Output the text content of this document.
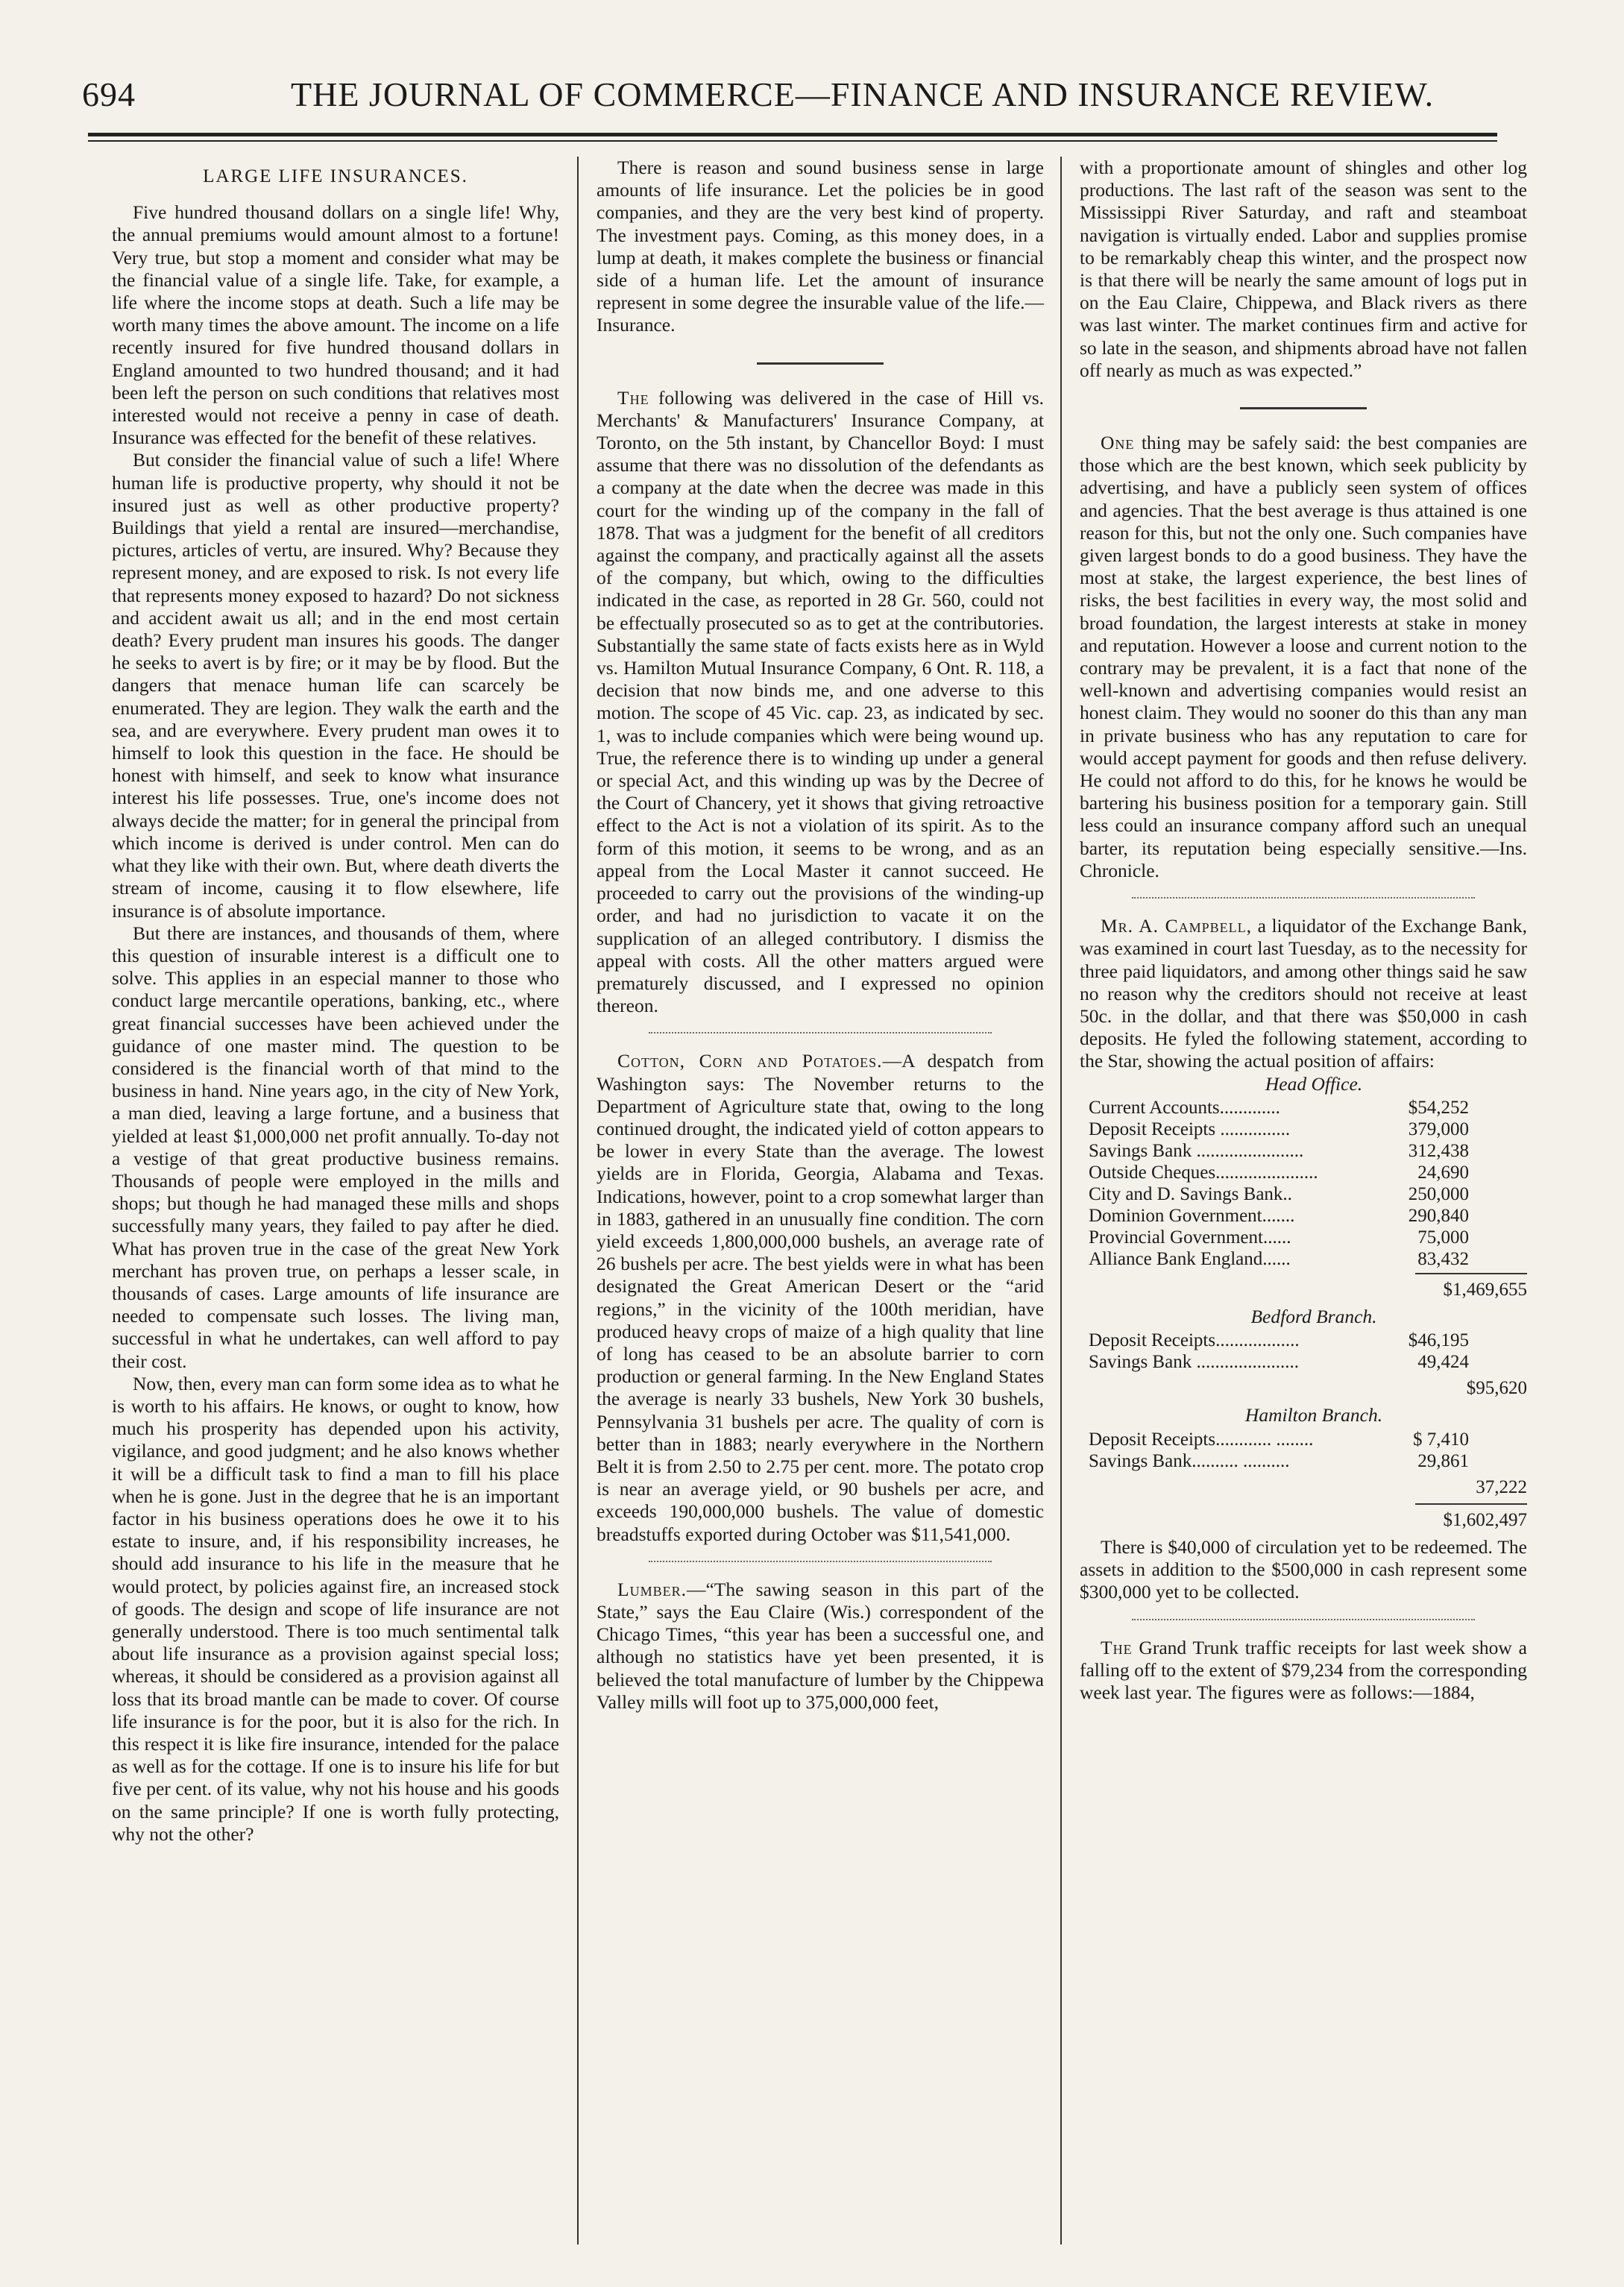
694	THE JOURNAL OF COMMERCE—FINANCE AND INSURANCE REVIEW.

LARGE LIFE INSURANCES.

Five hundred thousand dollars on a single life! Why, the annual premiums would amount almost to a fortune! Very true, but stop a moment and consider what may be the financial value of a single life. Take, for example, a life where the income stops at death. Such a life may be worth many times the above amount. The income on a life recently insured for five hundred thousand dollars in England amounted to two hundred thousand; and it had been left the person on such conditions that relatives most interested would not receive a penny in case of death. Insurance was effected for the benefit of these relatives.

But consider the financial value of such a life! Where human life is productive property, why should it not be insured just as well as other productive property? Buildings that yield a rental are insured—merchandise, pictures, articles of vertu, are insured. Why? Because they represent money, and are exposed to risk. Is not every life that represents money exposed to hazard? Do not sickness and accident await us all; and in the end most certain death? Every prudent man insures his goods. The danger he seeks to avert is by fire; or it may be by flood. But the dangers that menace human life can scarcely be enumerated. They are legion. They walk the earth and the sea, and are everywhere. Every prudent man owes it to himself to look this question in the face. He should be honest with himself, and seek to know what insurance interest his life possesses. True, one's income does not always decide the matter; for in general the principal from which income is derived is under control. Men can do what they like with their own. But, where death diverts the stream of income, causing it to flow elsewhere, life insurance is of absolute importance.

But there are instances, and thousands of them, where this question of insurable interest is a difficult one to solve. This applies in an especial manner to those who conduct large mercantile operations, banking, etc., where great financial successes have been achieved under the guidance of one master mind. The question to be considered is the financial worth of that mind to the business in hand. Nine years ago, in the city of New York, a man died, leaving a large fortune, and a business that yielded at least $1,000,000 net profit annually. To-day not a vestige of that great productive business remains. Thousands of people were employed in the mills and shops; but though he had managed these mills and shops successfully many years, they failed to pay after he died. What has proven true in the case of the great New York merchant has proven true, on perhaps a lesser scale, in thousands of cases. Large amounts of life insurance are needed to compensate such losses. The living man, successful in what he undertakes, can well afford to pay their cost.

Now, then, every man can form some idea as to what he is worth to his affairs. He knows, or ought to know, how much his prosperity has depended upon his activity, vigilance, and good judgment; and he also knows whether it will be a difficult task to find a man to fill his place when he is gone. Just in the degree that he is an important factor in his business operations does he owe it to his estate to insure, and, if his responsibility increases, he should add insurance to his life in the measure that he would protect, by policies against fire, an increased stock of goods. The design and scope of life insurance are not generally understood. There is too much sentimental talk about life insurance as a provision against special loss; whereas, it should be considered as a provision against all loss that its broad mantle can be made to cover. Of course life insurance is for the poor, but it is also for the rich. In this respect it is like fire insurance, intended for the palace as well as for the cottage. If one is to insure his life for but five per cent. of its value, why not his house and his goods on the same principle? If one is worth fully protecting, why not the other?

There is reason and sound business sense in large amounts of life insurance. Let the policies be in good companies, and they are the very best kind of property. The investment pays. Coming, as this money does, in a lump at death, it makes complete the business or financial side of a human life. Let the amount of insurance represent in some degree the insurable value of the life.—Insurance.

The following was delivered in the case of Hill vs. Merchants' & Manufacturers' Insurance Company, at Toronto, on the 5th instant, by Chancellor Boyd: I must assume that there was no dissolution of the defendants as a company at the date when the decree was made in this court for the winding up of the company in the fall of 1878. That was a judgment for the benefit of all creditors against the company, and practically against all the assets of the company, but which, owing to the difficulties indicated in the case, as reported in 28 Gr. 560, could not be effectually prosecuted so as to get at the contributories. Substantially the same state of facts exists here as in Wyld vs. Hamilton Mutual Insurance Company, 6 Ont. R. 118, a decision that now binds me, and one adverse to this motion. The scope of 45 Vic. cap. 23, as indicated by sec. 1, was to include companies which were being wound up. True, the reference there is to winding up under a general or special Act, and this winding up was by the Decree of the Court of Chancery, yet it shows that giving retroactive effect to the Act is not a violation of its spirit. As to the form of this motion, it seems to be wrong, and as an appeal from the Local Master it cannot succeed. He proceeded to carry out the provisions of the winding-up order, and had no jurisdiction to vacate it on the supplication of an alleged contributory. I dismiss the appeal with costs. All the other matters argued were prematurely discussed, and I expressed no opinion thereon.

Cotton, Corn and Potatoes.—A despatch from Washington says: The November returns to the Department of Agriculture state that, owing to the long continued drought, the indicated yield of cotton appears to be lower in every State than the average. The lowest yields are in Florida, Georgia, Alabama and Texas. Indications, however, point to a crop somewhat larger than in 1883, gathered in an unusually fine condition. The corn yield exceeds 1,800,000,000 bushels, an average rate of 26 bushels per acre. The best yields were in what has been designated the Great American Desert or the “arid regions,” in the vicinity of the 100th meridian, have produced heavy crops of maize of a high quality that line of long has ceased to be an absolute barrier to corn production or general farming. In the New England States the average is nearly 33 bushels, New York 30 bushels, Pennsylvania 31 bushels per acre. The quality of corn is better than in 1883; nearly everywhere in the Northern Belt it is from 2.50 to 2.75 per cent. more. The potato crop is near an average yield, or 90 bushels per acre, and exceeds 190,000,000 bushels. The value of domestic breadstuffs exported during October was $11,541,000.

Lumber.—“The sawing season in this part of the State,” says the Eau Claire (Wis.) correspondent of the Chicago Times, “this year has been a successful one, and although no statistics have yet been presented, it is believed the total manufacture of lumber by the Chippewa Valley mills will foot up to 375,000,000 feet,

with a proportionate amount of shingles and other log productions. The last raft of the season was sent to the Mississippi River Saturday, and raft and steamboat navigation is virtually ended. Labor and supplies promise to be remarkably cheap this winter, and the prospect now is that there will be nearly the same amount of logs put in on the Eau Claire, Chippewa, and Black rivers as there was last winter. The market continues firm and active for so late in the season, and shipments abroad have not fallen off nearly as much as was expected.”

One thing may be safely said: the best companies are those which are the best known, which seek publicity by advertising, and have a publicly seen system of offices and agencies. That the best average is thus attained is one reason for this, but not the only one. Such companies have given largest bonds to do a good business. They have the most at stake, the largest experience, the best lines of risks, the best facilities in every way, the most solid and broad foundation, the largest interests at stake in money and reputation. However a loose and current notion to the contrary may be prevalent, it is a fact that none of the well-known and advertising companies would resist an honest claim. They would no sooner do this than any man in private business who has any reputation to care for would accept payment for goods and then refuse delivery. He could not afford to do this, for he knows he would be bartering his business position for a temporary gain. Still less could an insurance company afford such an unequal barter, its reputation being especially sensitive.—Ins. Chronicle.

Mr. A. Campbell, a liquidator of the Exchange Bank, was examined in court last Tuesday, as to the necessity for three paid liquidators, and among other things said he saw no reason why the creditors should not receive at least 50c. in the dollar, and that there was $50,000 in cash deposits. He fyled the following statement, according to the Star, showing the actual position of affairs:

Head Office.

Current Accounts.............	$54,252
Deposit Receipts ...............	379,000
Savings Bank .......................	312,438
Outside Cheques......................	24,690
City and D. Savings Bank..	250,000
Dominion Government.......	290,840
Provincial Government......	75,000
Alliance Bank England......	83,432
$1,469,655

Bedford Branch.

Deposit Receipts..................	$46,195
Savings Bank ......................	49,424
$95,620

Hamilton Branch.

Deposit Receipts............ ........	$ 7,410
Savings Bank.......... ..........	29,861
37,222
$1,602,497

There is $40,000 of circulation yet to be redeemed. The assets in addition to the $500,000 in cash represent some $300,000 yet to be collected.

The Grand Trunk traffic receipts for last week show a falling off to the extent of $79,234 from the corresponding week last year. The figures were as follows:—1884,
